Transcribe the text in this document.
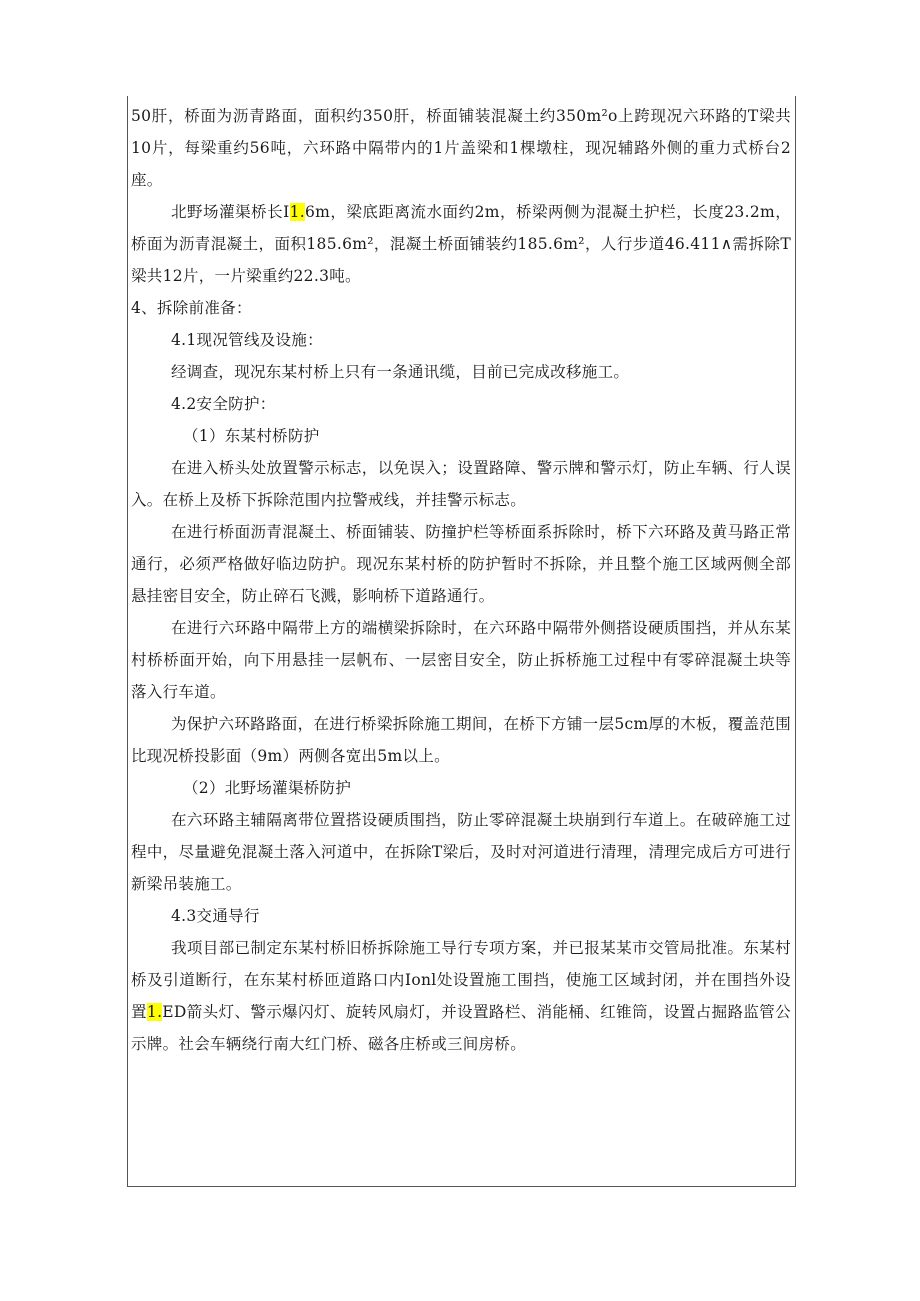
50肝，桥面为沥青路面，面积约350肝，桥面铺装混凝土约350m²o上跨现况六环路的T梁共10片，每梁重约56吨，六环路中隔带内的1片盖梁和1棵墩柱，现况辅路外侧的重力式桥台2座。

北野场灌渠桥长I1.6m，梁底距离流水面约2m，桥梁两侧为混凝土护栏，长度23.2m，桥面为沥青混凝土，面积185.6m²，混凝土桥面铺装约185.6m²，人行步道46.411∧需拆除T梁共12片，一片梁重约22.3吨。

4、拆除前准备：

4.1现况管线及设施：

经调查，现况东某村桥上只有一条通讯缆，目前已完成改移施工。

4.2安全防护：

（1）东某村桥防护

在进入桥头处放置警示标志，以免误入；设置路障、警示牌和警示灯，防止车辆、行人误入。在桥上及桥下拆除范围内拉警戒线，并挂警示标志。

在进行桥面沥青混凝土、桥面铺装、防撞护栏等桥面系拆除时，桥下六环路及黄马路正常通行，必须严格做好临边防护。现况东某村桥的防护暂时不拆除，并且整个施工区域两侧全部悬挂密目安全，防止碎石飞溅，影响桥下道路通行。

在进行六环路中隔带上方的端横梁拆除时，在六环路中隔带外侧搭设硬质围挡，并从东某村桥桥面开始，向下用悬挂一层帆布、一层密目安全，防止拆桥施工过程中有零碎混凝土块等落入行车道。

为保护六环路路面，在进行桥梁拆除施工期间，在桥下方铺一层5cm厚的木板，覆盖范围比现况桥投影面（9m）两侧各宽出5m以上。

（2）北野场灌渠桥防护

在六环路主辅隔离带位置搭设硬质围挡，防止零碎混凝土块崩到行车道上。在破碎施工过程中，尽量避免混凝土落入河道中，在拆除T梁后，及时对河道进行清理，清理完成后方可进行新梁吊装施工。

4.3交通导行

我项目部已制定东某村桥旧桥拆除施工导行专项方案，并已报某某市交管局批准。东某村桥及引道断行，在东某村桥匝道路口内Ionl处设置施工围挡，使施工区域封闭，并在围挡外设置1.ED箭头灯、警示爆闪灯、旋转风扇灯，并设置路栏、消能桶、红锥筒，设置占掘路监管公示牌。社会车辆绕行南大红门桥、磁各庄桥或三间房桥。
